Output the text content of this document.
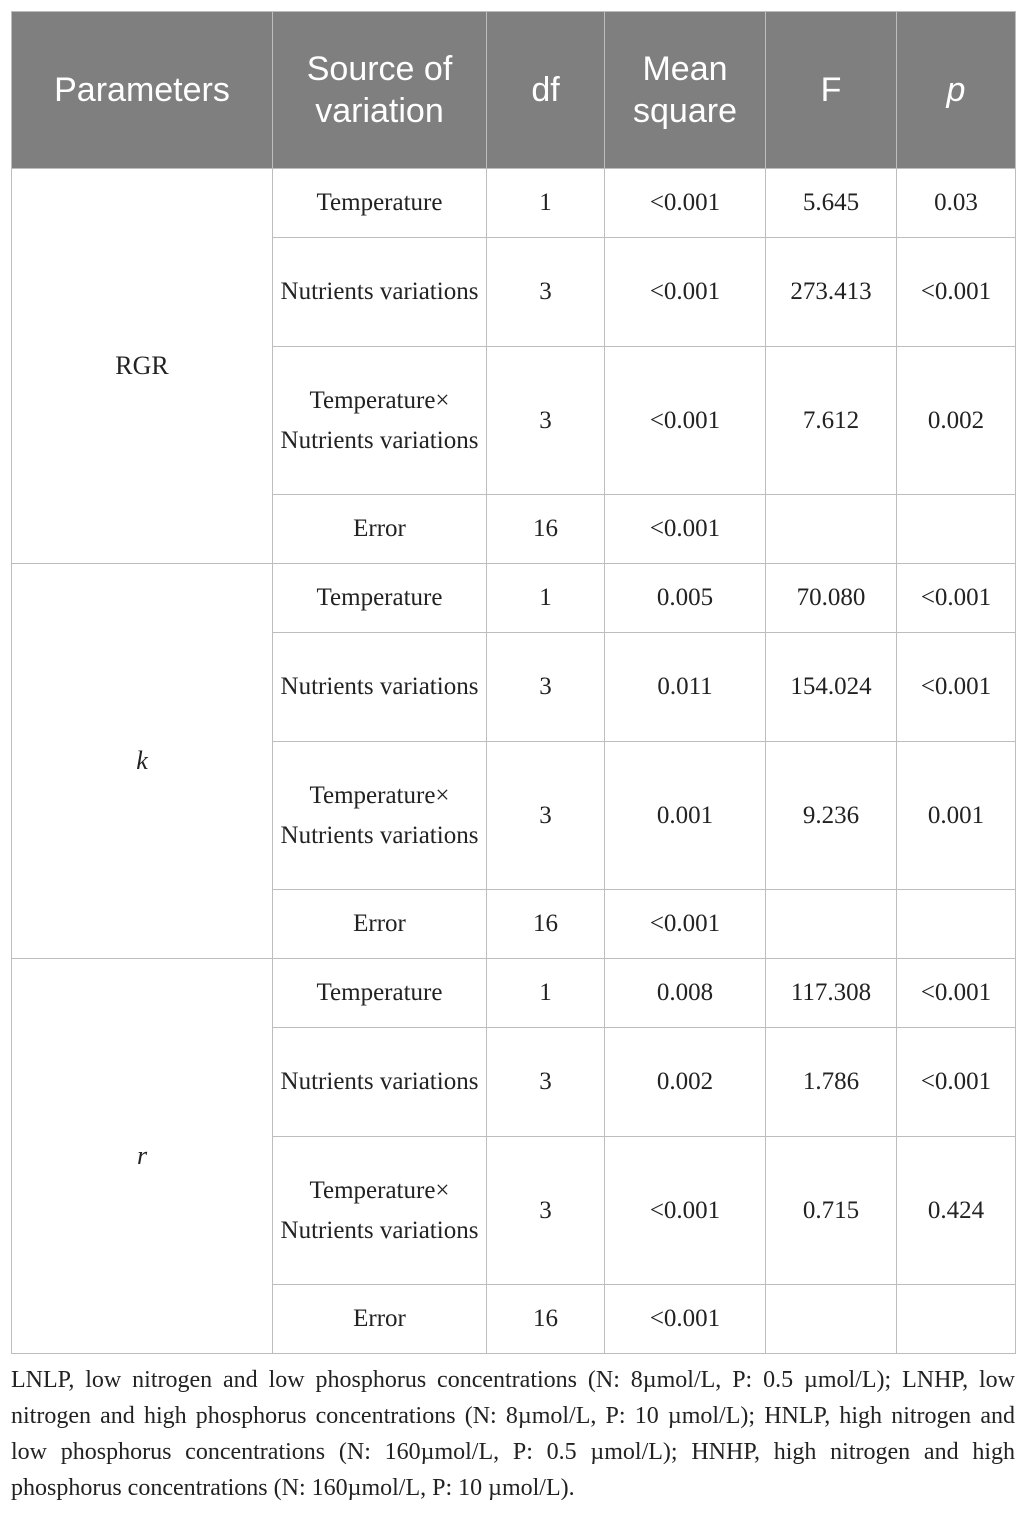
Parameters	Source of variation	df	Mean square	F	p
RGR	Temperature	1	<0.001	5.645	0.03
	Nutrients variations	3	<0.001	273.413	<0.001
	Temperature× Nutrients variations	3	<0.001	7.612	0.002
	Error	16	<0.001		
k	Temperature	1	0.005	70.080	<0.001
	Nutrients variations	3	0.011	154.024	<0.001
	Temperature× Nutrients variations	3	0.001	9.236	0.001
	Error	16	<0.001		
r	Temperature	1	0.008	117.308	<0.001
	Nutrients variations	3	0.002	1.786	<0.001
	Temperature× Nutrients variations	3	<0.001	0.715	0.424
	Error	16	<0.001		
LNLP, low nitrogen and low phosphorus concentrations (N: 8µmol/L, P: 0.5 µmol/L); LNHP, low nitrogen and high phosphorus concentrations (N: 8µmol/L, P: 10 µmol/L); HNLP, high nitrogen and low phosphorus concentrations (N: 160µmol/L, P: 0.5 µmol/L); HNHP, high nitrogen and high phosphorus concentrations (N: 160µmol/L, P: 10 µmol/L).
